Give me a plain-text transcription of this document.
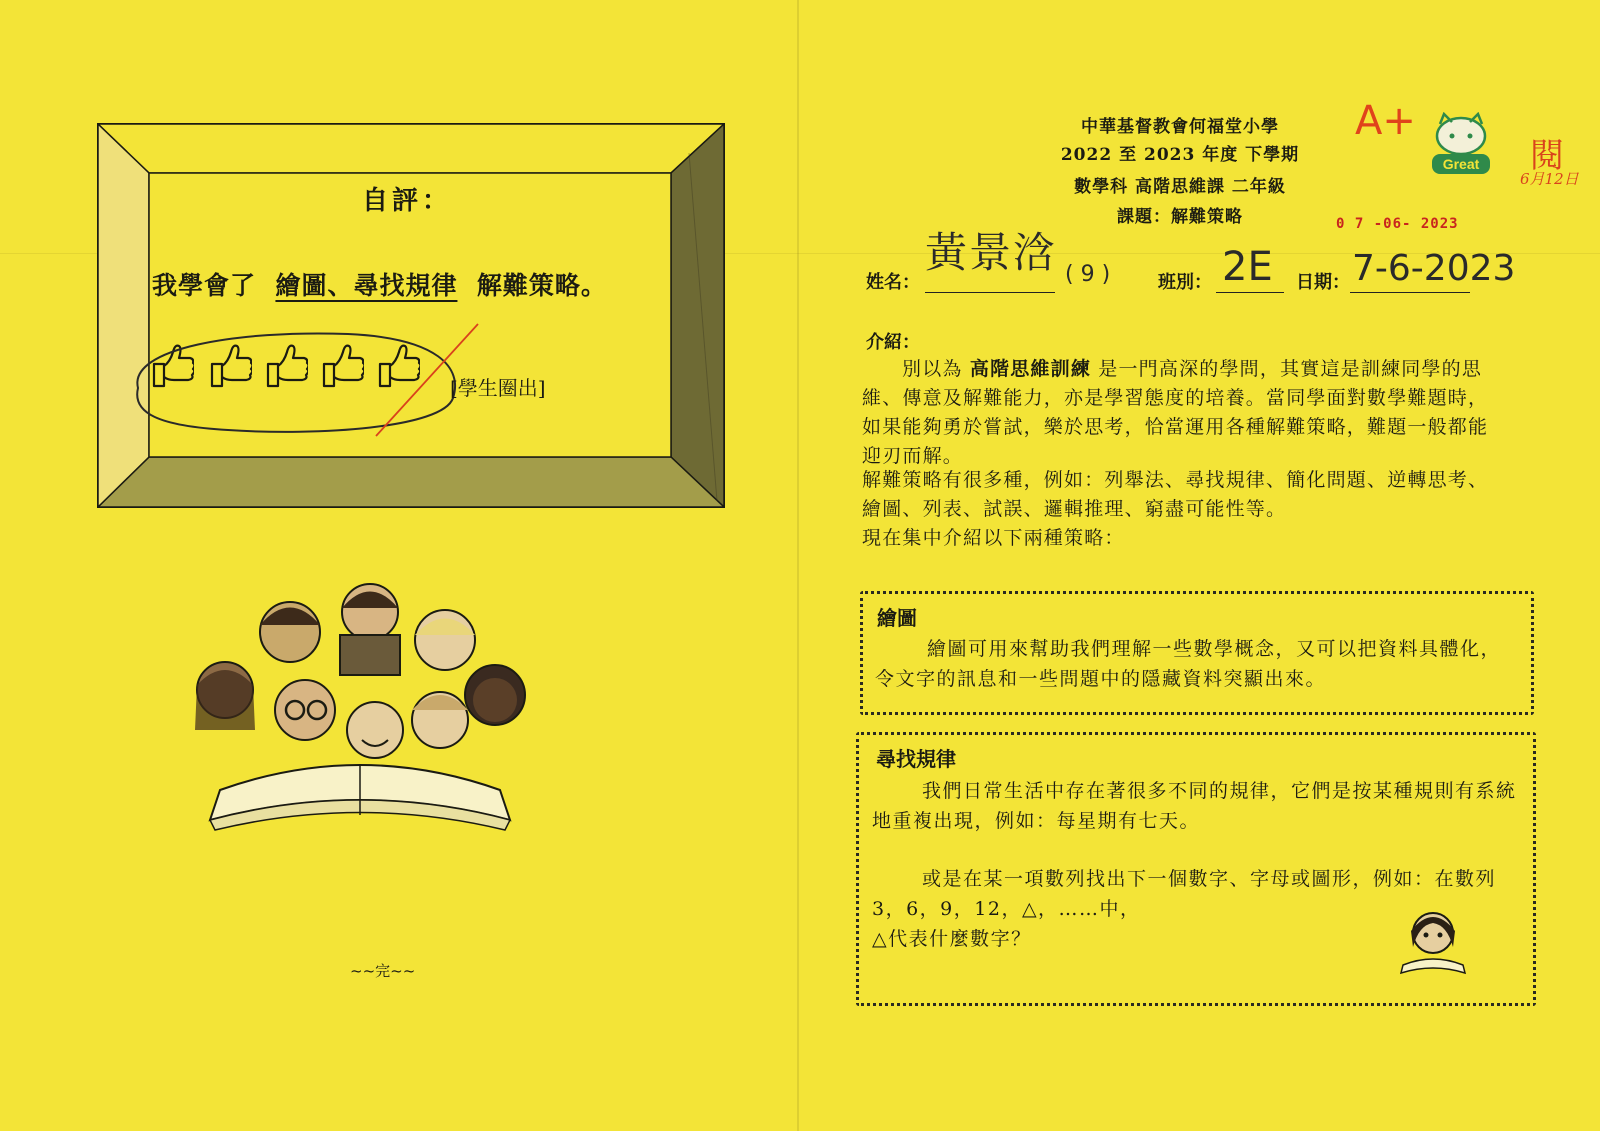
自評：
我學會了 繪圖、尋找規律 解難策略。
[學生圈出]
~~完~~
中華基督教會何福堂小學
2022 至 2023 年度 下學期
數學科 高階思維課 二年級
課題：解難策略
A+
Great 閱
6月12日
0 7 -06- 2023
姓名：
黃景浛 ( 9 )	班別： 2E 日期： 7-6-2023
介紹：
別以為 高階思維訓練 是一門高深的學問，其實這是訓練同學的思維、傳意及解難能力，亦是學習態度的培養。當同學面對數學難題時，如果能夠勇於嘗試，樂於思考，恰當運用各種解難策略，難題一般都能迎刃而解。
解難策略有很多種，例如：列舉法、尋找規律、簡化問題、逆轉思考、繪圖、列表、試誤、邏輯推理、窮盡可能性等。
現在集中介紹以下兩種策略：
繪圖
繪圖可用來幫助我們理解一些數學概念，又可以把資料具體化，令文字的訊息和一些問題中的隱藏資料突顯出來。
尋找規律
我們日常生活中存在著很多不同的規律，它們是按某種規則有系統地重複出現，例如：每星期有七天。
或是在某一項數列找出下一個數字、字母或圖形，例如：在數列 3，6，9，12，△，……中，
△代表什麼數字？
